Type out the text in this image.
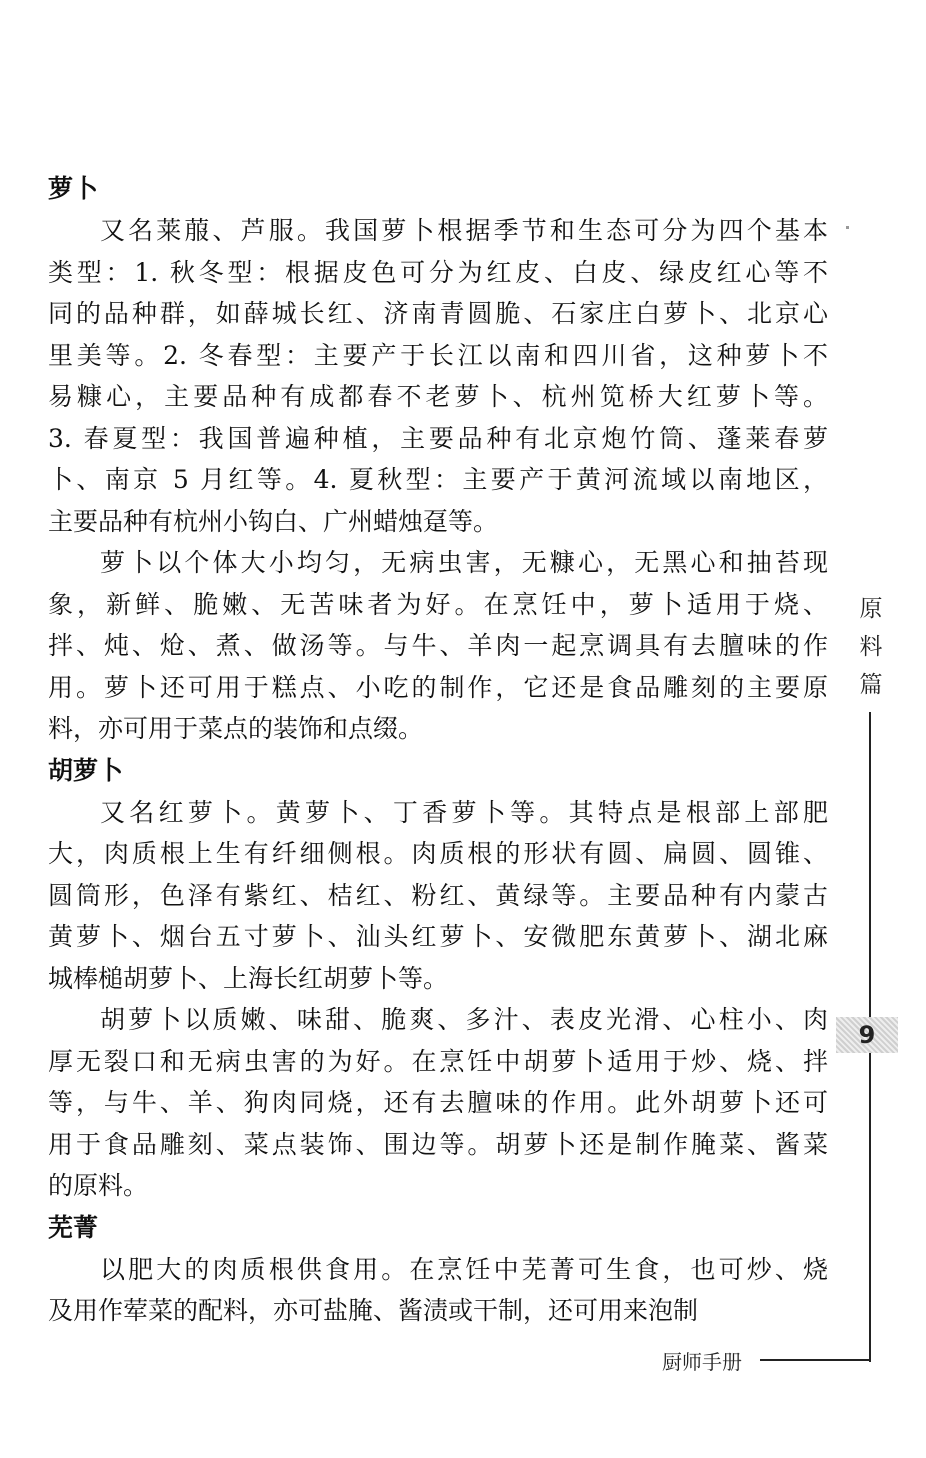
萝卜
又名莱菔、芦服。我国萝卜根据季节和生态可分为四个基本
类型：1. 秋冬型：根据皮色可分为红皮、白皮、绿皮红心等不
同的品种群，如薛城长红、济南青圆脆、石家庄白萝卜、北京心
里美等。2. 冬春型：主要产于长江以南和四川省，这种萝卜不
易糠心，主要品种有成都春不老萝卜、杭州笕桥大红萝卜等。
3. 春夏型：我国普遍种植，主要品种有北京炮竹筒、蓬莱春萝
卜、南京 5 月红等。4. 夏秋型：主要产于黄河流域以南地区，
主要品种有杭州小钩白、广州蜡烛趸等。
萝卜以个体大小均匀，无病虫害，无糠心，无黑心和抽苔现
象，新鲜、脆嫩、无苦味者为好。在烹饪中，萝卜适用于烧、
拌、炖、炝、煮、做汤等。与牛、羊肉一起烹调具有去膻味的作
用。萝卜还可用于糕点、小吃的制作，它还是食品雕刻的主要原
料，亦可用于菜点的装饰和点缀。
胡萝卜
又名红萝卜。黄萝卜、丁香萝卜等。其特点是根部上部肥
大，肉质根上生有纤细侧根。肉质根的形状有圆、扁圆、圆锥、
圆筒形，色泽有紫红、桔红、粉红、黄绿等。主要品种有内蒙古
黄萝卜、烟台五寸萝卜、汕头红萝卜、安微肥东黄萝卜、湖北麻
城棒槌胡萝卜、上海长红胡萝卜等。
胡萝卜以质嫩、味甜、脆爽、多汁、表皮光滑、心柱小、肉
厚无裂口和无病虫害的为好。在烹饪中胡萝卜适用于炒、烧、拌
等，与牛、羊、狗肉同烧，还有去膻味的作用。此外胡萝卜还可
用于食品雕刻、菜点装饰、围边等。胡萝卜还是制作腌菜、酱菜
的原料。
芜菁
以肥大的肉质根供食用。在烹饪中芜菁可生食，也可炒、烧
及用作荤菜的配料，亦可盐腌、酱渍或干制，还可用来泡制
原
料
篇
9
厨师手册
